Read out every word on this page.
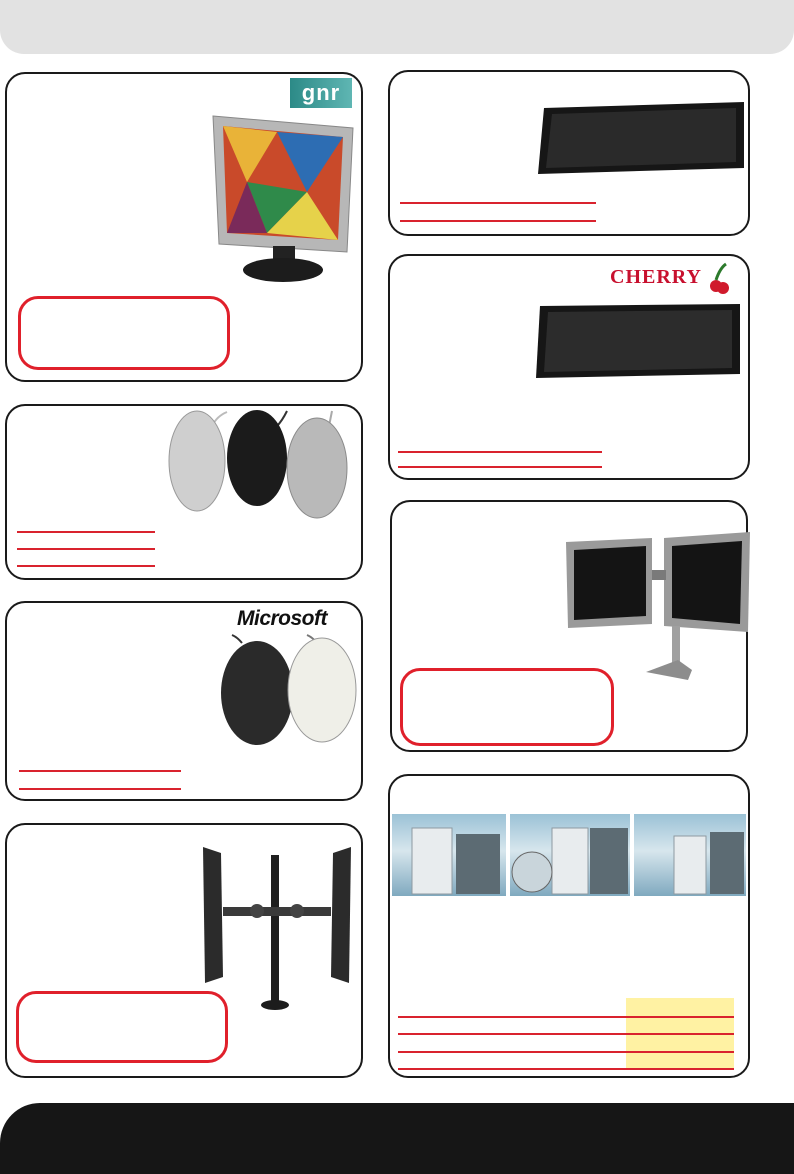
gnr
Microsoft
CHERRY
